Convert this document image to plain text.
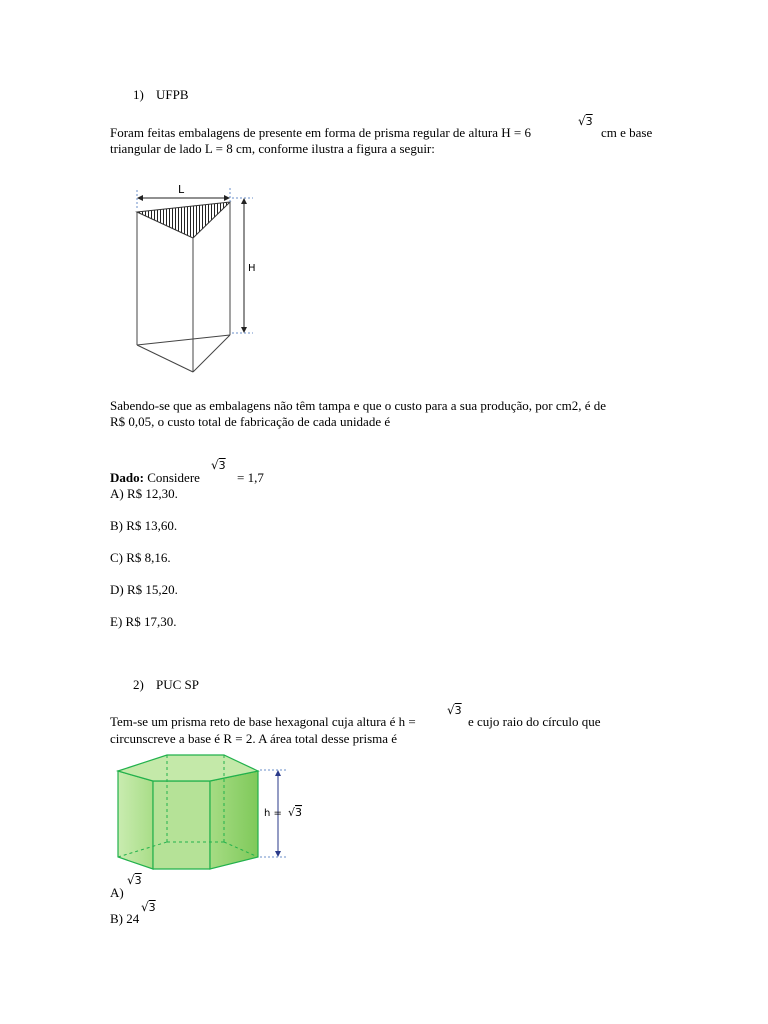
1) UFPB
Foram feitas embalagens de presente em forma de prisma regular de altura H = 6
√3
cm e base
triangular de lado L = 8 cm, conforme ilustra a figura a seguir:
L
H
Sabendo-se que as embalagens não têm tampa e que o custo para a sua produção, por cm2, é de
R$ 0,05, o custo total de fabricação de cada unidade é
Dado: Considere
√3
= 1,7
A) R$ 12,30.
B) R$ 13,60.
C) R$ 8,16.
D) R$ 15,20.
E) R$ 17,30.
2) PUC SP
Tem-se um prisma reto de base hexagonal cuja altura é h =
√3
e cujo raio do círculo que
circunscreve a base é R = 2. A área total desse prisma é
h = √3
A)
√3
B) 24
√3
